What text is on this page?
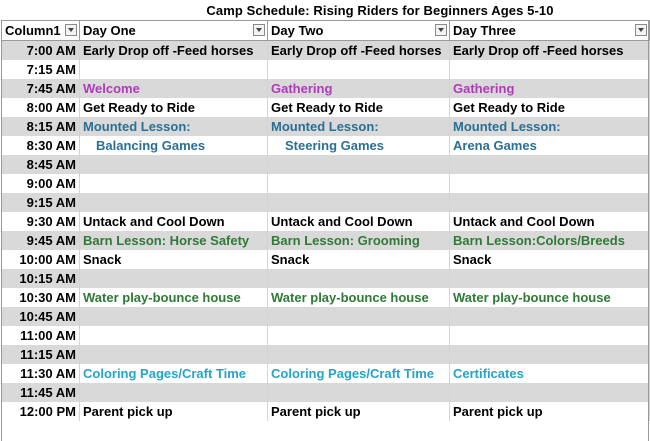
Camp Schedule: Rising Riders for Beginners Ages 5-10
Column1	Day One	Day Two	Day Three

7:00 AM	Early Drop off -Feed horses	Early Drop off -Feed horses	Early Drop off -Feed horses
7:15 AM			
7:45 AM	Welcome	Gathering	Gathering
8:00 AM	Get Ready to Ride	Get Ready to Ride	Get Ready to Ride
8:15 AM	Mounted Lesson:	Mounted Lesson:	Mounted Lesson:
8:30 AM	Balancing Games	Steering Games	Arena Games
8:45 AM			
9:00 AM			
9:15 AM			
9:30 AM	Untack and Cool Down	Untack and Cool Down	Untack and Cool Down
9:45 AM	Barn Lesson: Horse Safety	Barn Lesson: Grooming	Barn Lesson:Colors/Breeds
10:00 AM	Snack	Snack	Snack
10:15 AM			
10:30 AM	Water play-bounce house	Water play-bounce house	Water play-bounce house
10:45 AM			
11:00 AM			
11:15 AM			
11:30 AM	Coloring Pages/Craft Time	Coloring Pages/Craft Time	Certificates
11:45 AM			
12:00 PM	Parent pick up	Parent pick up	Parent pick up
